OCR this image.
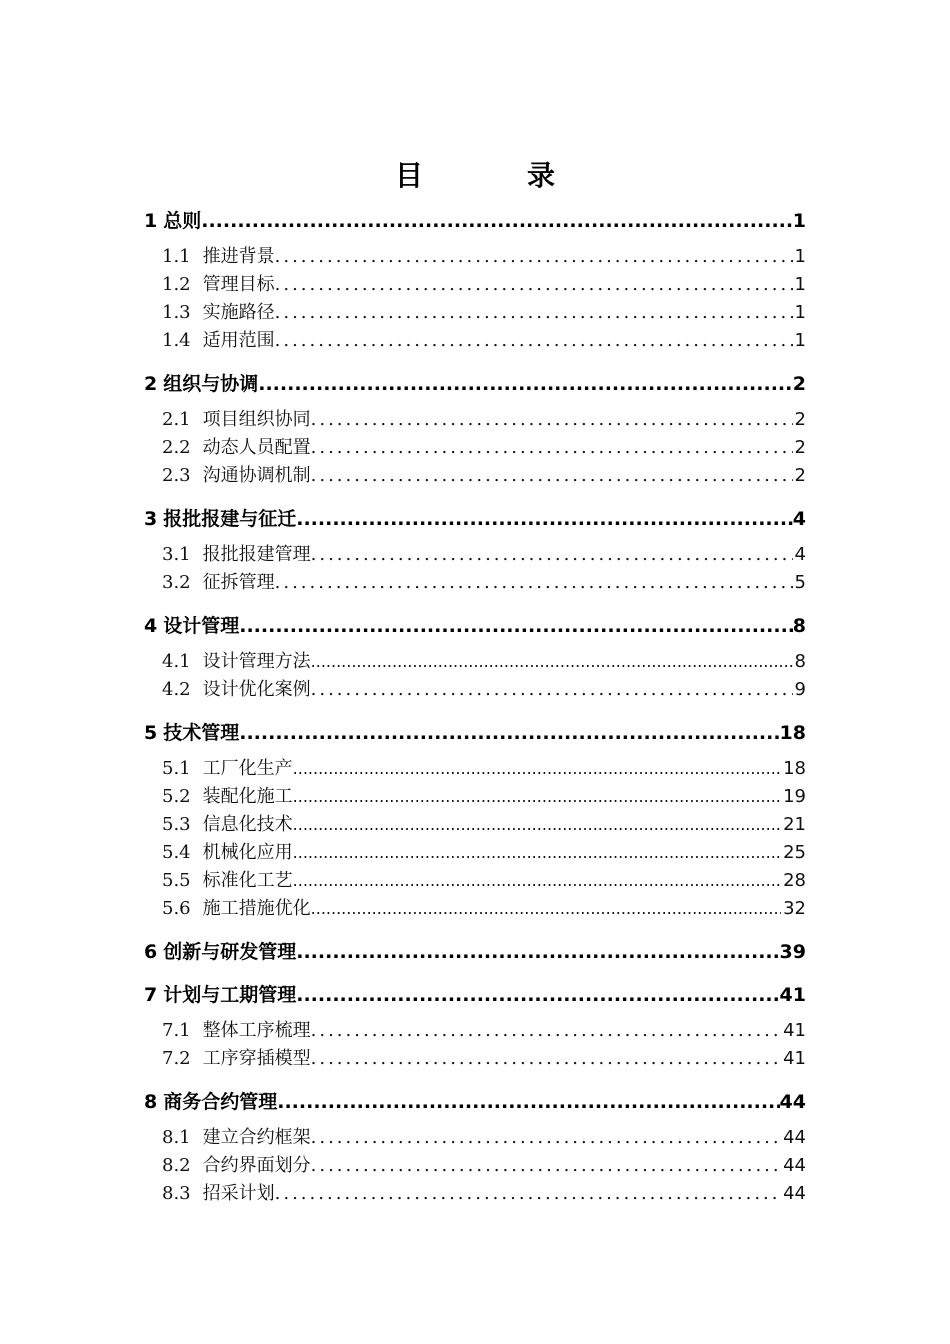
目　录
1 总则 .....	1
1.1 推进背景 .....	1
1.2 管理目标 .....	1
1.3 实施路径 .....	1
1.4 适用范围 .....	1
2 组织与协调 .....	2
2.1 项目组织协同 .....	2
2.2 动态人员配置 .....	2
2.3 沟通协调机制 .....	2
3 报批报建与征迁 .....	4
3.1 报批报建管理 .....	4
3.2 征拆管理 .....	5
4 设计管理 .....	8
4.1 设计管理方法 .....	8
4.2 设计优化案例 .....	9
5 技术管理 .....	18
5.1 工厂化生产 .....	18
5.2 装配化施工 .....	19
5.3 信息化技术 .....	21
5.4 机械化应用 .....	25
5.5 标准化工艺 .....	28
5.6 施工措施优化 .....	32
6 创新与研发管理 .....	39
7 计划与工期管理 .....	41
7.1 整体工序梳理 .....	41
7.2 工序穿插模型 .....	41
8 商务合约管理 .....	44
8.1 建立合约框架 .....	44
8.2 合约界面划分 .....	44
8.3 招采计划 .....	44
